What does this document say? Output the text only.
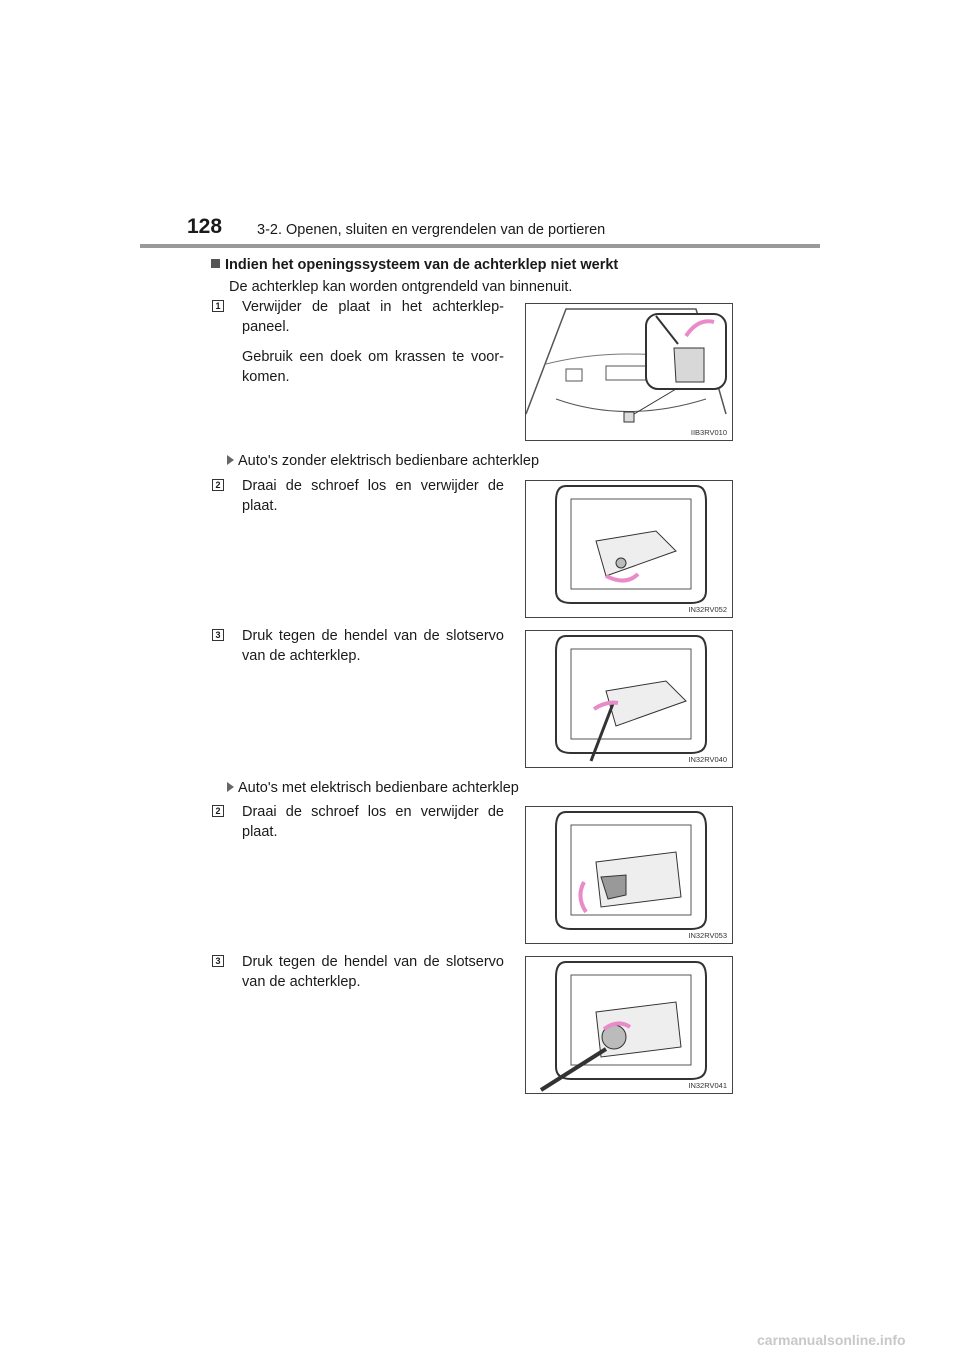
128 3-2. Openen, sluiten en vergrendelen van de portieren
Indien het openingssysteem van de achterklep niet werkt
De achterklep kan worden ontgrendeld van binnenuit.
1 Verwijder de plaat in het achterklep-paneel.

Gebruik een doek om krassen te voor-komen.

IIB3RV010
Auto's zonder elektrisch bedienbare achterklep
2 Draai de schroef los en verwijder de plaat.
IN32RV052
3 Druk tegen de hendel van de slotservo van de achterklep.
IN32RV040
Auto's met elektrisch bedienbare achterklep
2 Draai de schroef los en verwijder de plaat.
IN32RV053
3 Druk tegen de hendel van de slotservo van de achterklep.
IN32RV041
carmanualsonline.info
